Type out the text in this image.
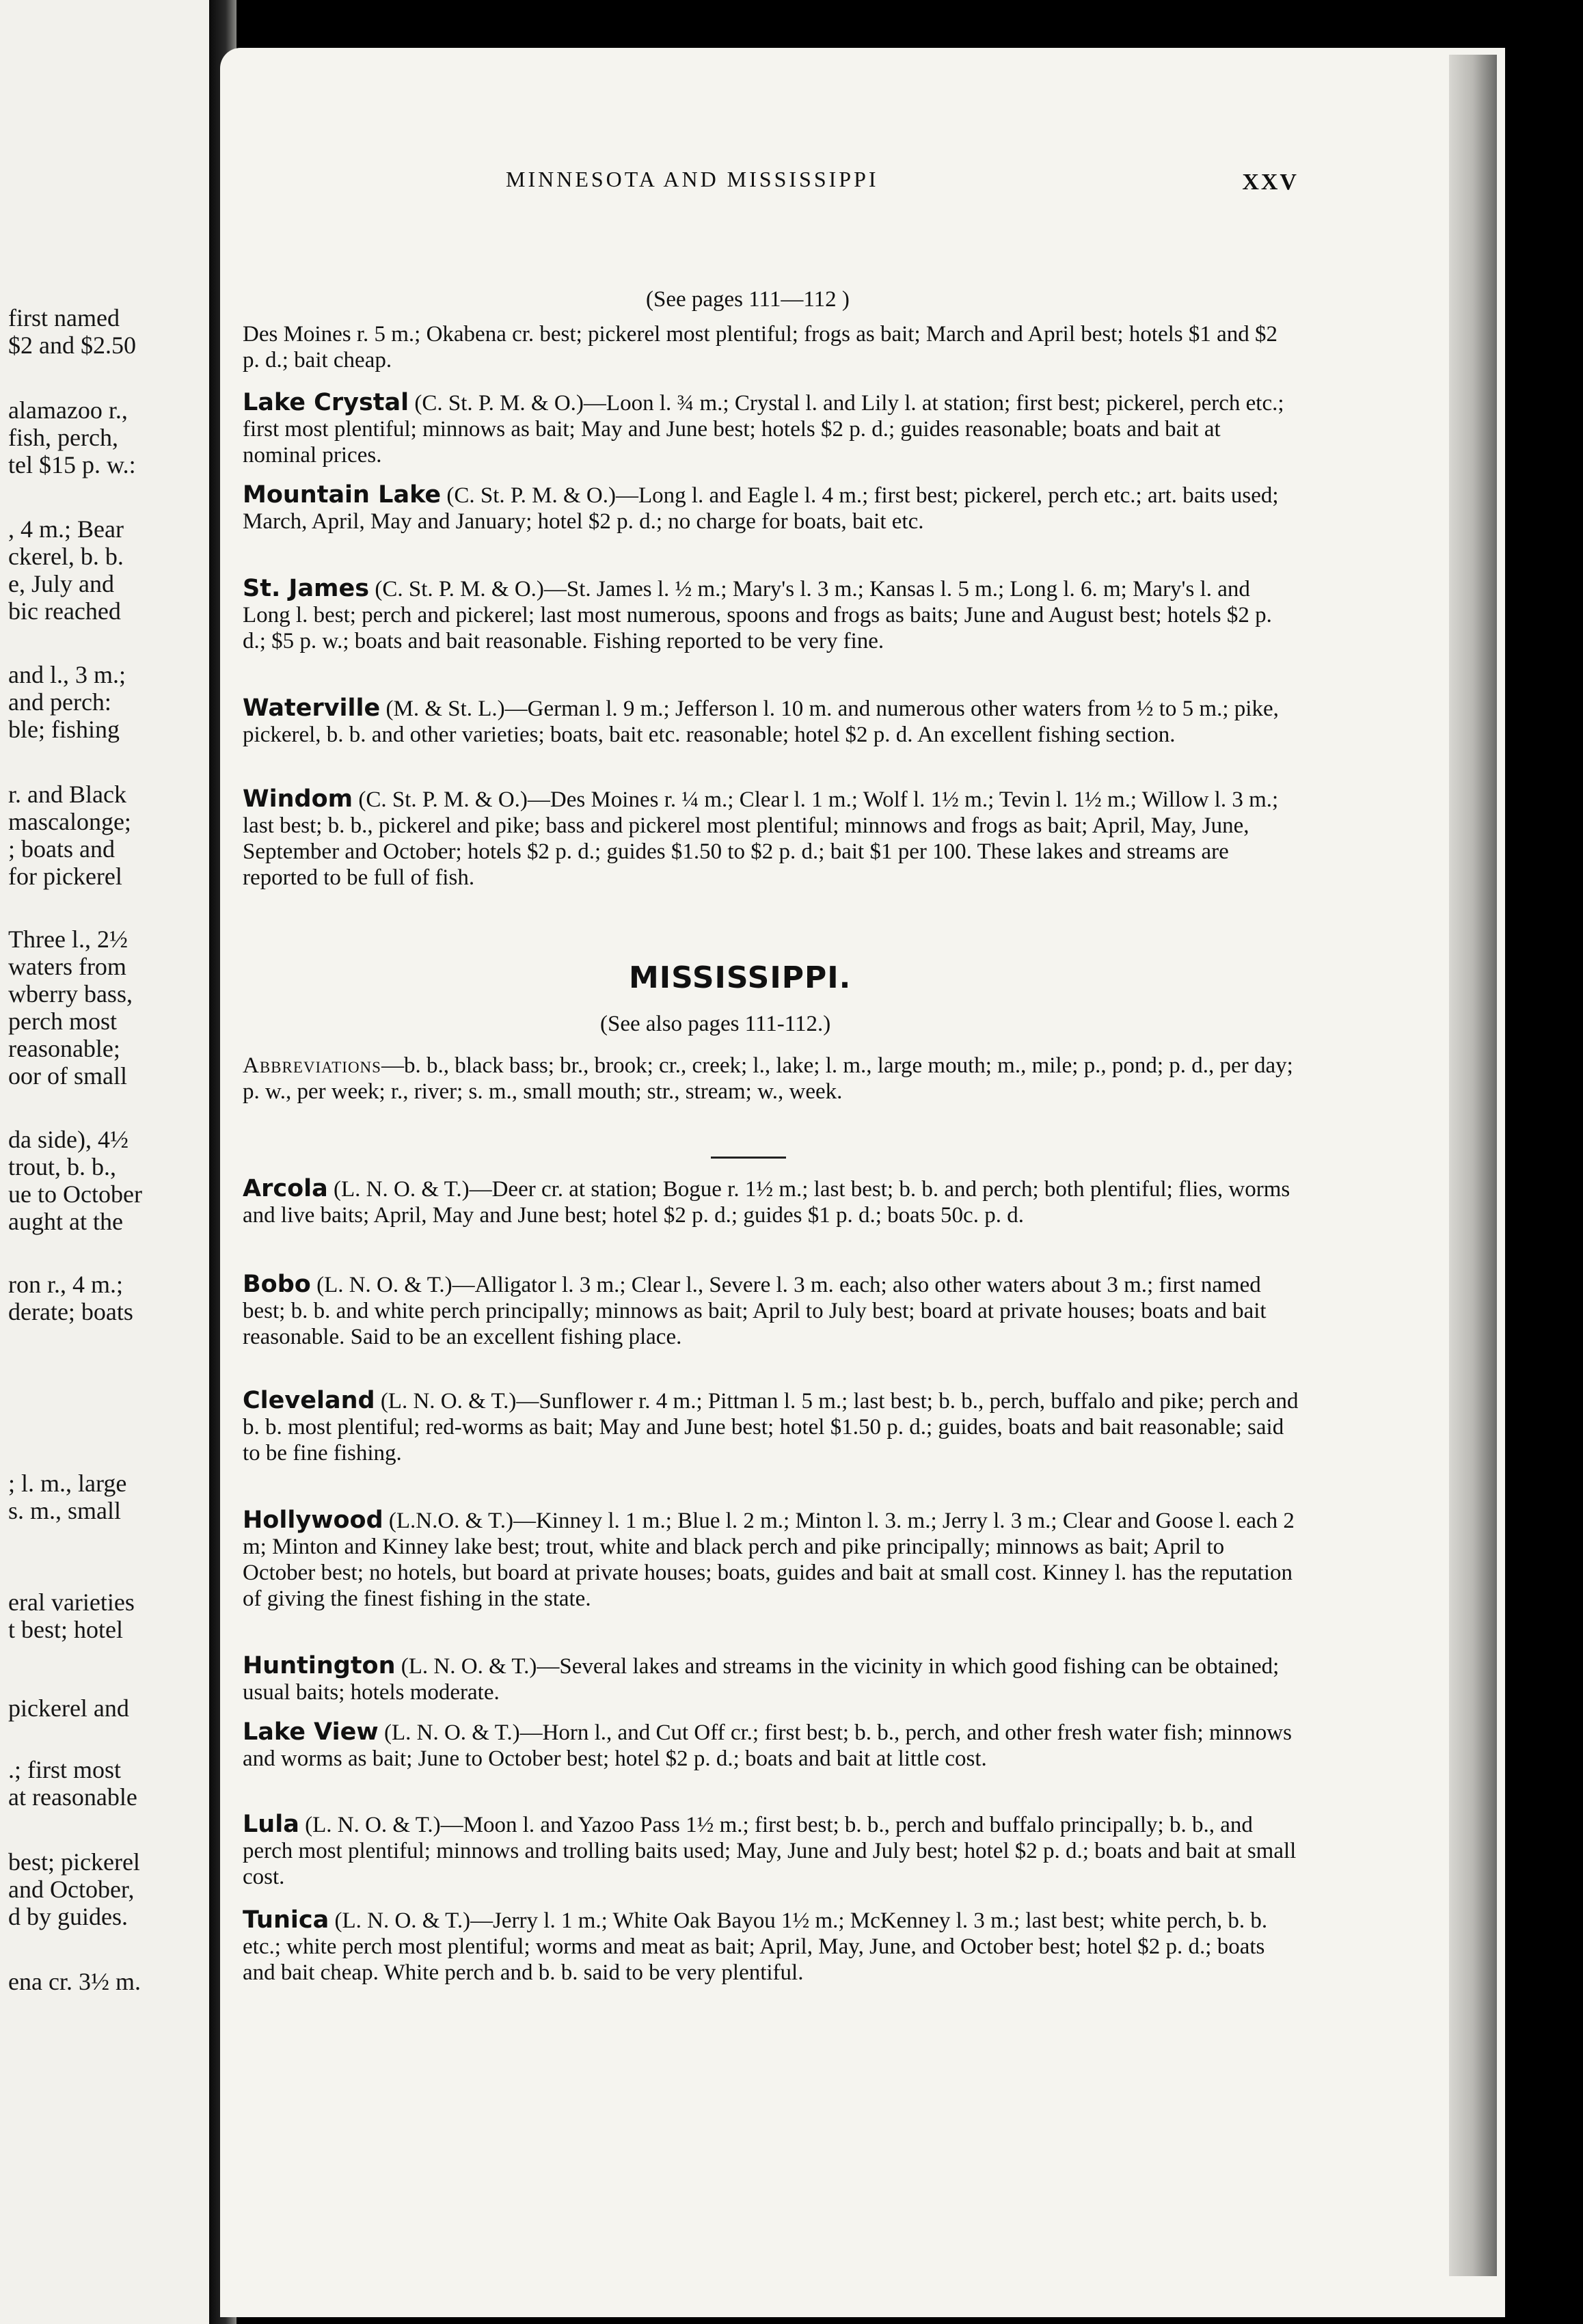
first named
$2 and $2.50
alamazoo r.,
fish, perch,
tel $15 p. w.:
, 4 m.; Bear
ckerel, b. b.
e, July and
bic reached
and l., 3 m.;
and perch:
ble; fishing
r. and Black
mascalonge;
; boats and
for pickerel
Three l., 2½
waters from
wberry bass,
perch most
reasonable;
oor of small
da side), 4½
trout, b. b.,
ue to October
aught at the
ron r., 4 m.;
derate; boats
; l. m., large
s. m., small
eral varieties
t best; hotel
pickerel and
.; first most
at reasonable
best; pickerel
and October,
d by guides.
ena cr. 3½ m.
MINNESOTA AND MISSISSIPPI	XXV
(See pages 111—112 )
Des Moines r. 5 m.; Okabena cr. best; pickerel most plentiful; frogs as bait; March and April best; hotels $1 and $2 p. d.; bait cheap.
Lake Crystal (C. St. P. M. & O.)—Loon l. ¾ m.; Crystal l. and Lily l. at station; first best; pickerel, perch etc.; first most plentiful; minnows as bait; May and June best; hotels $2 p. d.; guides reasonable; boats and bait at nominal prices.
Mountain Lake (C. St. P. M. & O.)—Long l. and Eagle l. 4 m.; first best; pickerel, perch etc.; art. baits used; March, April, May and January; hotel $2 p. d.; no charge for boats, bait etc.
St. James (C. St. P. M. & O.)—St. James l. ½ m.; Mary's l. 3 m.; Kansas l. 5 m.; Long l. 6. m; Mary's l. and Long l. best; perch and pickerel; last most numerous, spoons and frogs as baits; June and August best; hotels $2 p. d.; $5 p. w.; boats and bait reasonable. Fishing reported to be very fine.
Waterville (M. & St. L.)—German l. 9 m.; Jefferson l. 10 m. and numerous other waters from ½ to 5 m.; pike, pickerel, b. b. and other varieties; boats, bait etc. reasonable; hotel $2 p. d. An excellent fishing section.
Windom (C. St. P. M. & O.)—Des Moines r. ¼ m.; Clear l. 1 m.; Wolf l. 1½ m.; Tevin l. 1½ m.; Willow l. 3 m.; last best; b. b., pickerel and pike; bass and pickerel most plentiful; minnows and frogs as bait; April, May, June, September and October; hotels $2 p. d.; guides $1.50 to $2 p. d.; bait $1 per 100. These lakes and streams are reported to be full of fish.
MISSISSIPPI.
(See also pages 111-112.)
Abbreviations—b. b., black bass; br., brook; cr., creek; l., lake; l. m., large mouth; m., mile; p., pond; p. d., per day; p. w., per week; r., river; s. m., small mouth; str., stream; w., week.
Arcola (L. N. O. & T.)—Deer cr. at station; Bogue r. 1½ m.; last best; b. b. and perch; both plentiful; flies, worms and live baits; April, May and June best; hotel $2 p. d.; guides $1 p. d.; boats 50c. p. d.
Bobo (L. N. O. & T.)—Alligator l. 3 m.; Clear l., Severe l. 3 m. each; also other waters about 3 m.; first named best; b. b. and white perch principally; minnows as bait; April to July best; board at private houses; boats and bait reasonable. Said to be an excellent fishing place.
Cleveland (L. N. O. & T.)—Sunflower r. 4 m.; Pittman l. 5 m.; last best; b. b., perch, buffalo and pike; perch and b. b. most plentiful; red-worms as bait; May and June best; hotel $1.50 p. d.; guides, boats and bait reasonable; said to be fine fishing.
Hollywood (L.N.O. & T.)—Kinney l. 1 m.; Blue l. 2 m.; Minton l. 3. m.; Jerry l. 3 m.; Clear and Goose l. each 2 m; Minton and Kinney lake best; trout, white and black perch and pike principally; minnows as bait; April to October best; no hotels, but board at private houses; boats, guides and bait at small cost. Kinney l. has the reputation of giving the finest fishing in the state.
Huntington (L. N. O. & T.)—Several lakes and streams in the vicinity in which good fishing can be obtained; usual baits; hotels moderate.
Lake View (L. N. O. & T.)—Horn l., and Cut Off cr.; first best; b. b., perch, and other fresh water fish; minnows and worms as bait; June to October best; hotel $2 p. d.; boats and bait at little cost.
Lula (L. N. O. & T.)—Moon l. and Yazoo Pass 1½ m.; first best; b. b., perch and buffalo principally; b. b., and perch most plentiful; minnows and trolling baits used; May, June and July best; hotel $2 p. d.; boats and bait at small cost.
Tunica (L. N. O. & T.)—Jerry l. 1 m.; White Oak Bayou 1½ m.; McKenney l. 3 m.; last best; white perch, b. b. etc.; white perch most plentiful; worms and meat as bait; April, May, June, and October best; hotel $2 p. d.; boats and bait cheap. White perch and b. b. said to be very plentiful.
